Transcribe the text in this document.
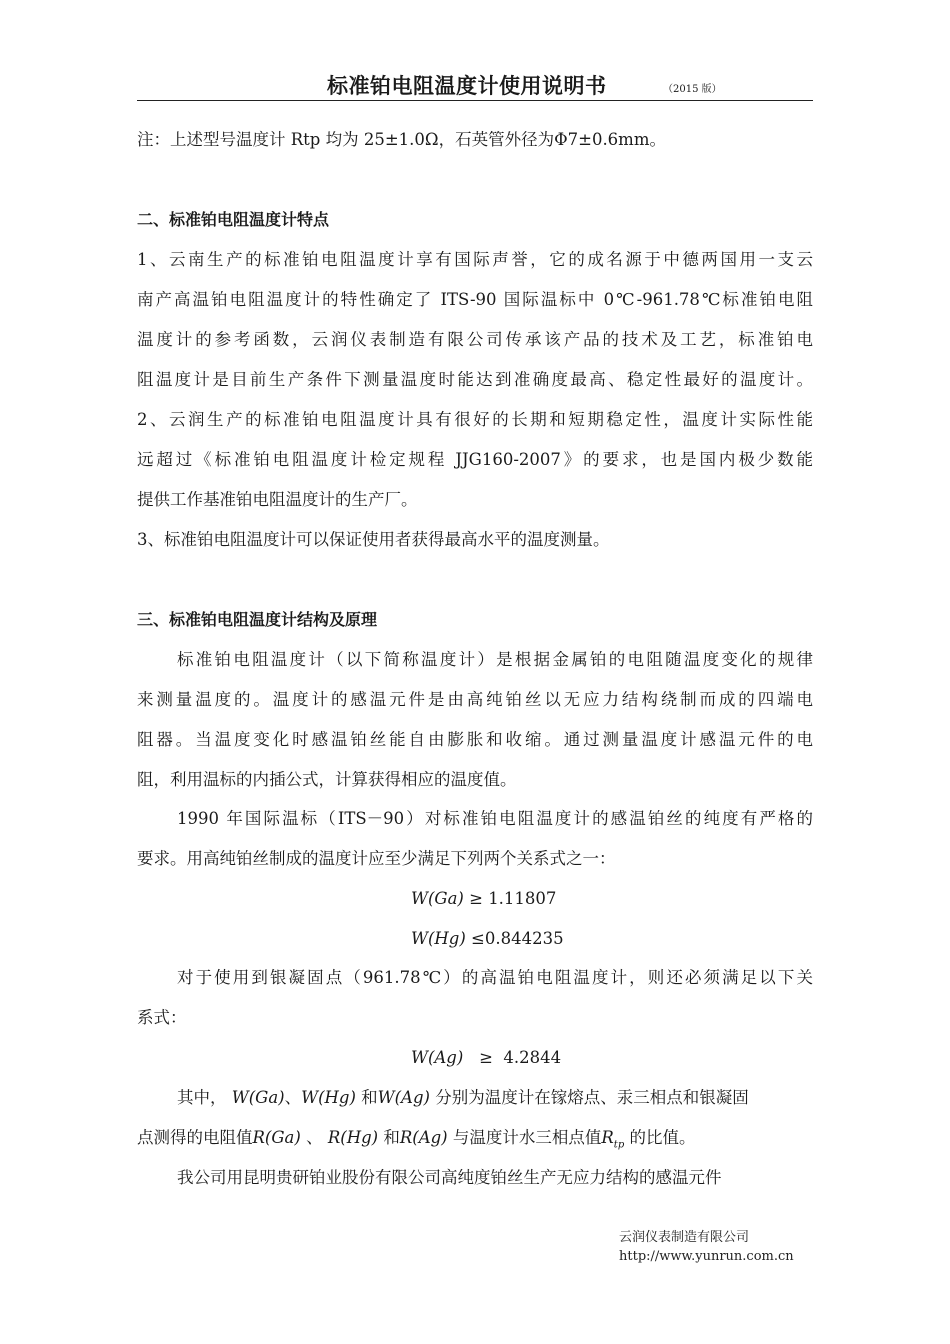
标准铂电阻温度计使用说明书	（2015 版）
注：上述型号温度计 Rtp 均为 25±1.0Ω，石英管外径为Φ7±0.6mm。
二、标准铂电阻温度计特点
1、云南生产的标准铂电阻温度计享有国际声誉，它的成名源于中德两国用一支云
南产高温铂电阻温度计的特性确定了 ITS-90 国际温标中 0℃-961.78℃标准铂电阻
温度计的参考函数，云润仪表制造有限公司传承该产品的技术及工艺，标准铂电
阻温度计是目前生产条件下测量温度时能达到准确度最高、稳定性最好的温度计。
2、云润生产的标准铂电阻温度计具有很好的长期和短期稳定性，温度计实际性能
远超过《标准铂电阻温度计检定规程 JJG160-2007》的要求，也是国内极少数能
提供工作基准铂电阻温度计的生产厂。
3、标准铂电阻温度计可以保证使用者获得最高水平的温度测量。
三、标准铂电阻温度计结构及原理
标准铂电阻温度计（以下简称温度计）是根据金属铂的电阻随温度变化的规律
来测量温度的。温度计的感温元件是由高纯铂丝以无应力结构绕制而成的四端电
阻器。当温度变化时感温铂丝能自由膨胀和收缩。通过测量温度计感温元件的电
阻，利用温标的内插公式，计算获得相应的温度值。
1990 年国际温标（ITS－90）对标准铂电阻温度计的感温铂丝的纯度有严格的
要求。用高纯铂丝制成的温度计应至少满足下列两个关系式之一：
W(Ga) ≥ 1.11807
W(Hg) ≤0.844235
对于使用到银凝固点（961.78℃）的高温铂电阻温度计，则还必须满足以下关
系式：
W(Ag) ≥ 4.2844
其中， W(Ga)、W(Hg) 和W(Ag) 分别为温度计在镓熔点、汞三相点和银凝固
点测得的电阻值R(Ga) 、 R(Hg) 和R(Ag) 与温度计水三相点值$R_{tp}$ 的比值。
我公司用昆明贵研铂业股份有限公司高纯度铂丝生产无应力结构的感温元件
云润仪表制造有限公司
http://www.yunrun.com.cn
